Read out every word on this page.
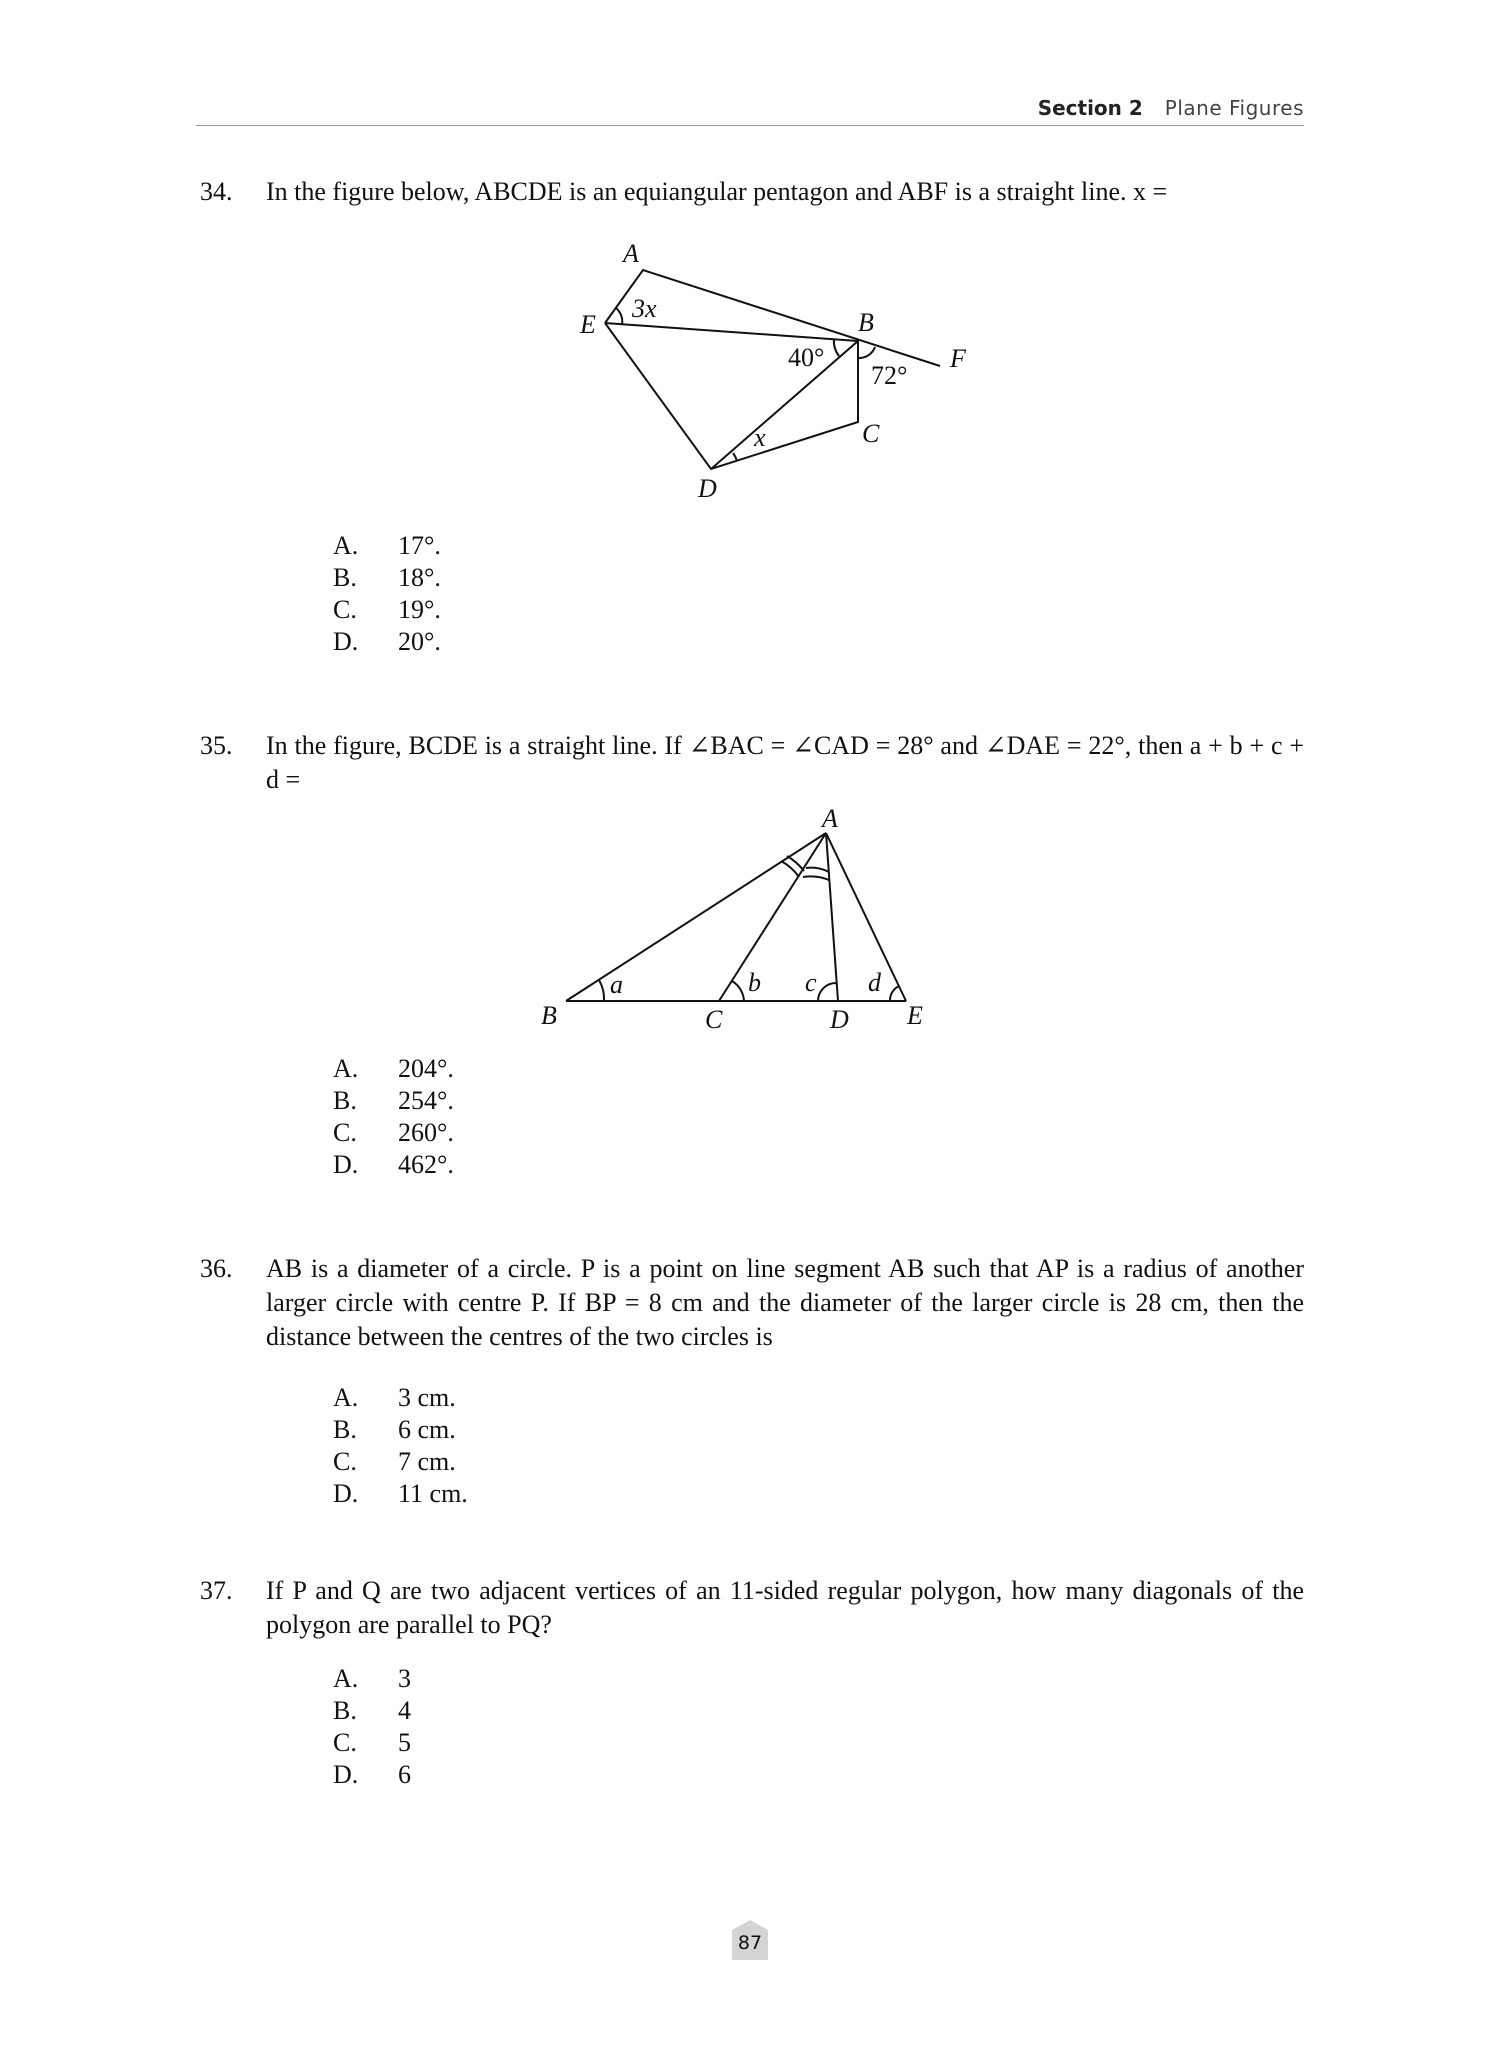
Section 2 Plane Figures
34. In the figure below, ABCDE is an equiangular pentagon and ABF is a straight line. x =
A
E	B
F
C
D
3x
x
40°
72°
A. 17°.
B. 18°.
C. 19°.
D. 20°.
35. In the figure, BCDE is a straight line. If ∠BAC = ∠CAD = 28° and ∠DAE = 22°, then a + b + c + d =
A
B	C	D E
a	b c d
A. 204°.
B. 254°.
C. 260°.
D. 462°.
36. AB is a diameter of a circle. P is a point on line segment AB such that AP is a radius of another larger circle with centre P. If BP = 8 cm and the diameter of the larger circle is 28 cm, then the distance between the centres of the two circles is
A. 3 cm.
B. 6 cm.
C. 7 cm.
D. 11 cm.
37. If P and Q are two adjacent vertices of an 11-sided regular polygon, how many diagonals of the polygon are parallel to PQ?
A. 3
B. 4
C. 5
D. 6
87
